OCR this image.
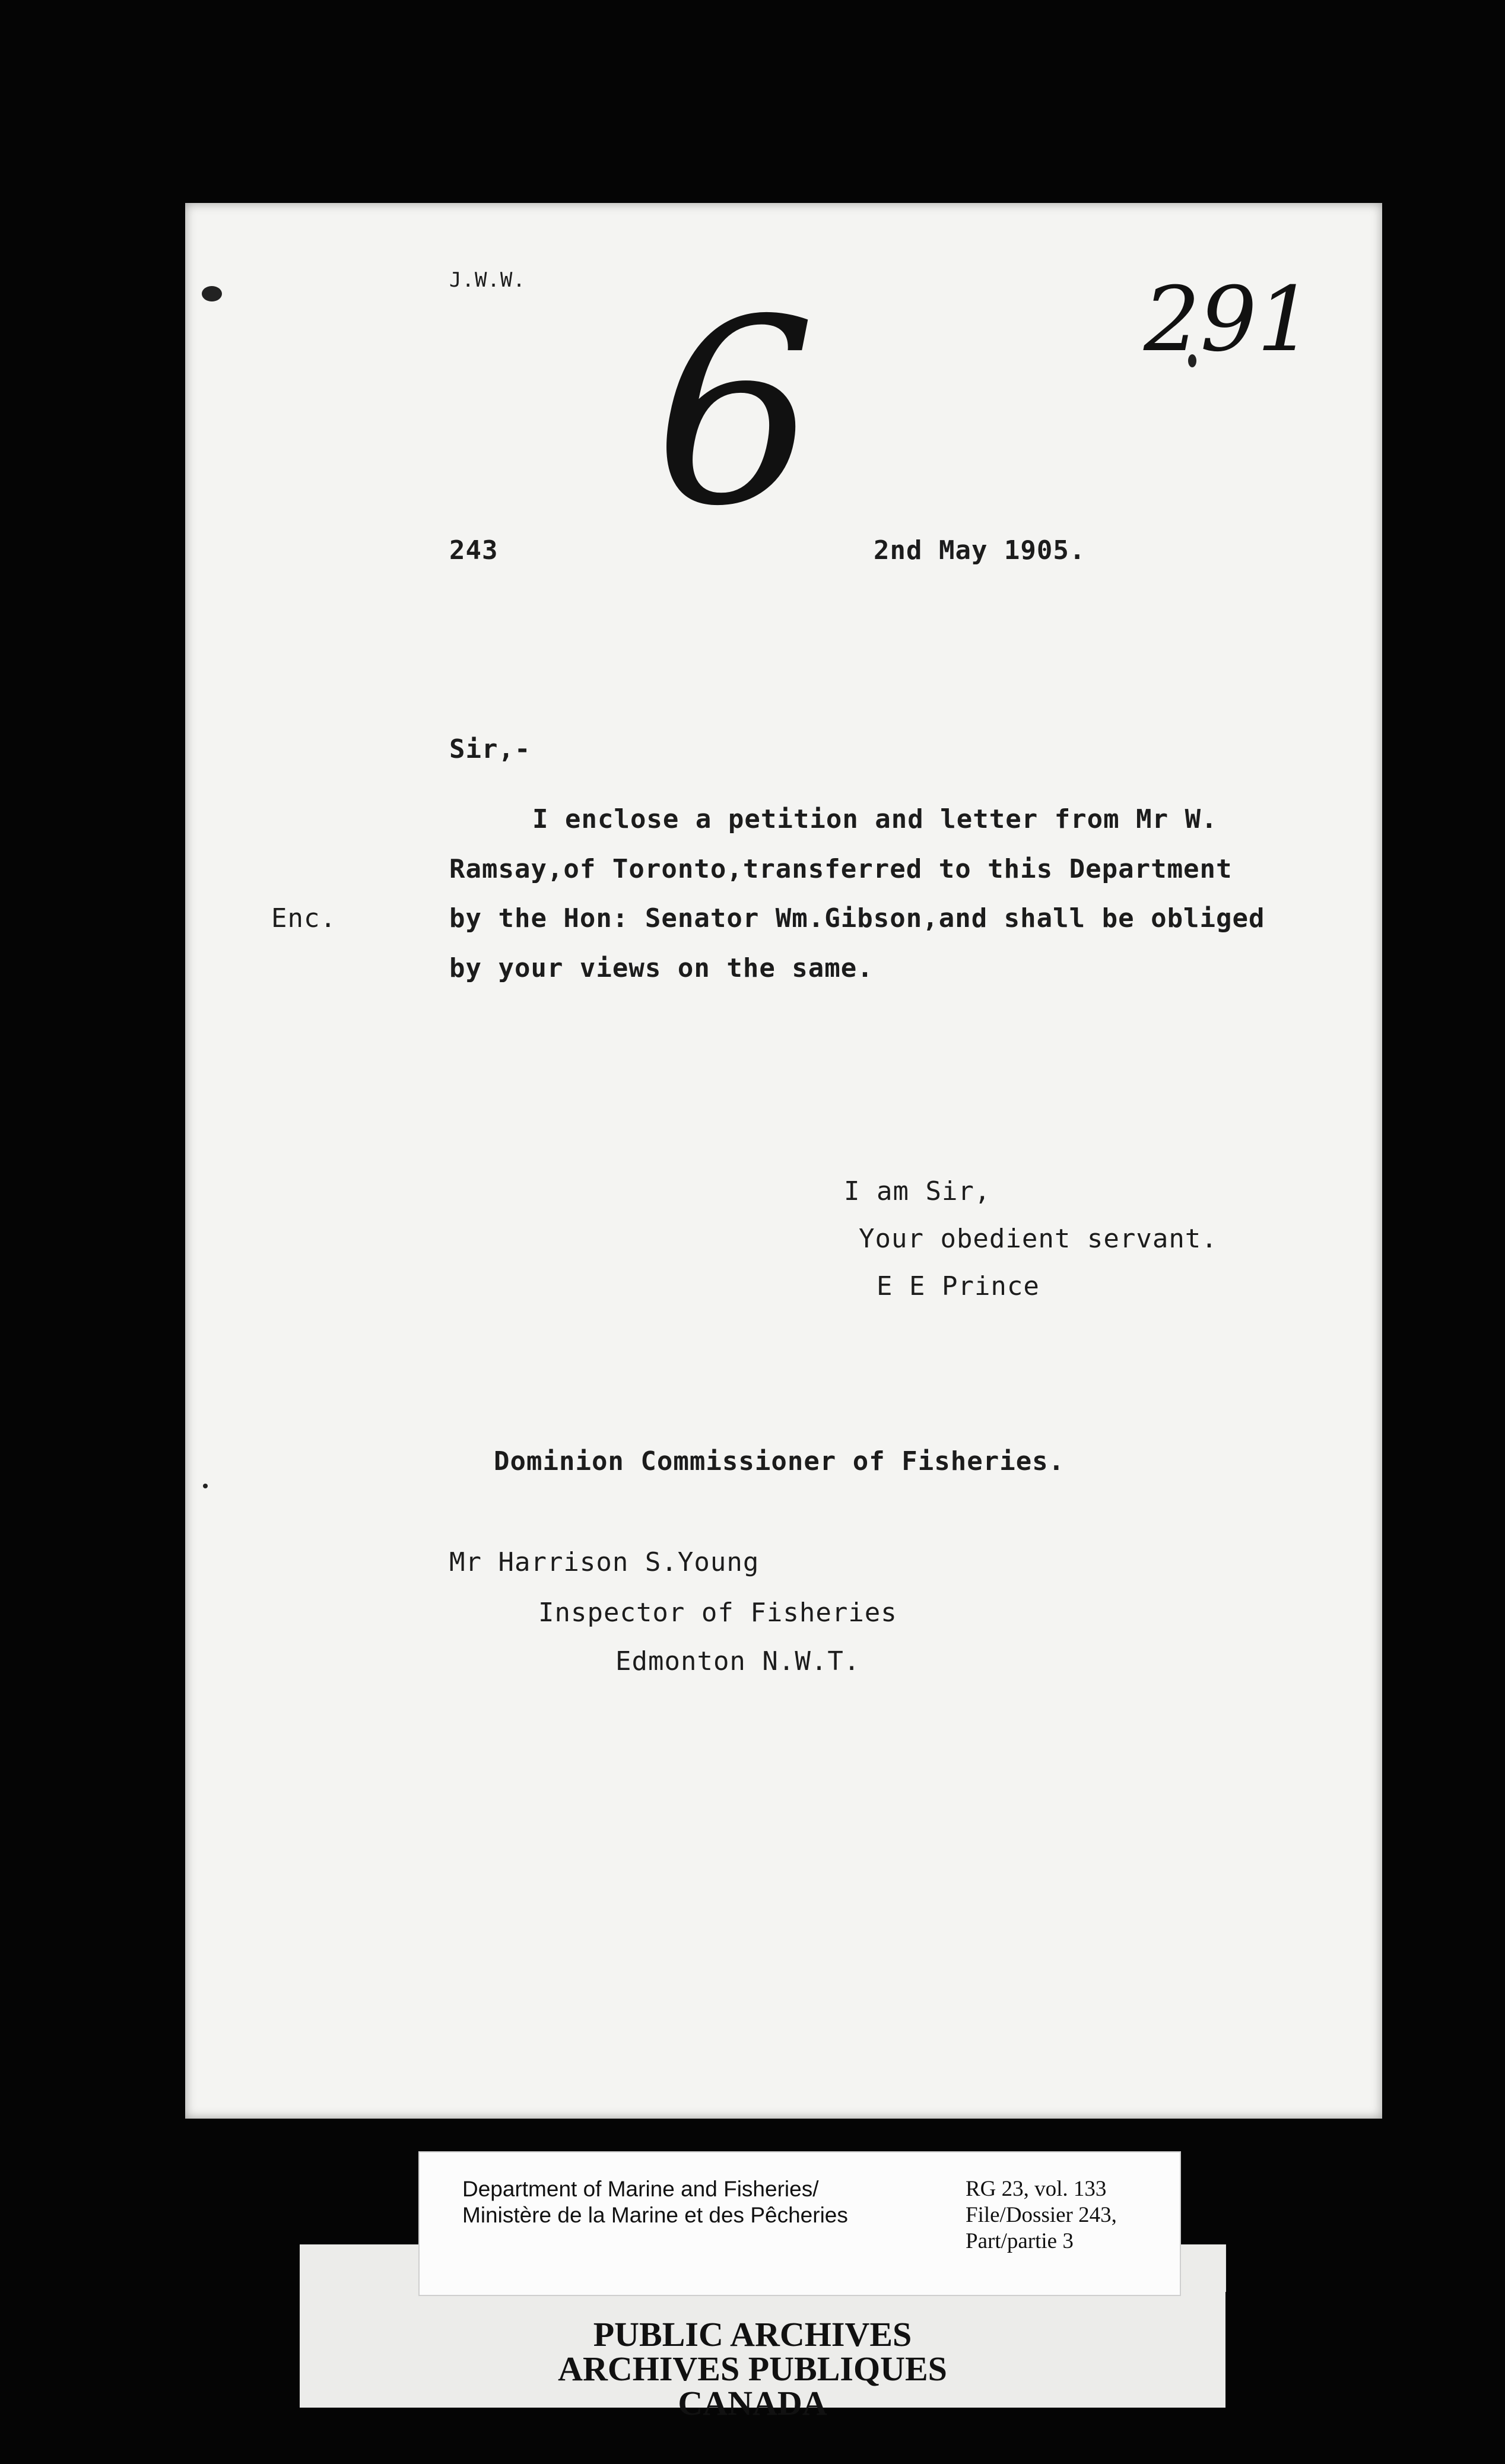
J.W.W.	291
6

243	2nd May 1905.

Sir,-

I enclose a petition and letter from Mr W.

Ramsay,of Toronto,transferred to this Department

Enc.	by the Hon: Senator Wm.Gibson,and shall be obliged

by your views on the same.

I am Sir,

Your obedient servant.

E E Prince

Dominion Commissioner of Fisheries.

Mr Harrison S.Young

Inspector of Fisheries

Edmonton N.W.T.

Department of Marine and Fisheries/

Ministère de la Marine et des Pêcheries

RG 23, vol. 133

File/Dossier 243,

Part/partie 3

PUBLIC ARCHIVES
ARCHIVES PUBLIQUES
CANADA
